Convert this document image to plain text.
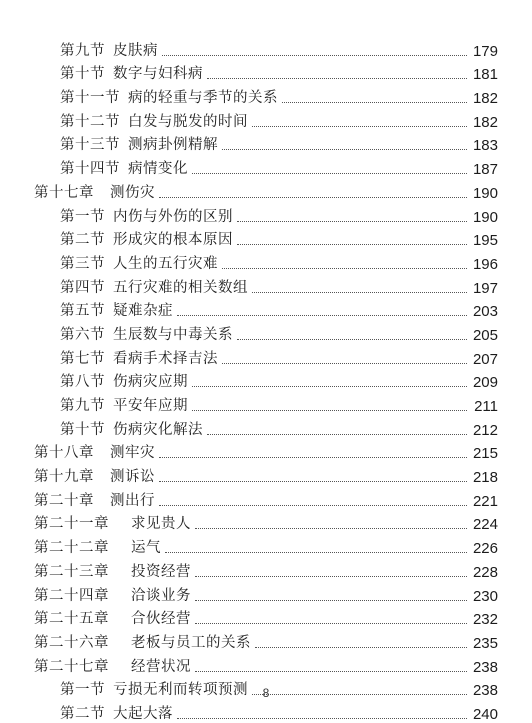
第九节 皮肤病	179
第十节 数字与妇科病	181
第十一节 病的轻重与季节的关系	182
第十二节 白发与脱发的时间	182
第十三节 测病卦例精解	183
第十四节 病情变化	187
第十七章 测伤灾	190
第一节 内伤与外伤的区别	190
第二节 形成灾的根本原因	195
第三节 人生的五行灾难	196
第四节 五行灾难的相关数组	197
第五节 疑难杂症	203
第六节 生辰数与中毒关系	205
第七节 看病手术择吉法	207
第八节 伤病灾应期	209
第九节 平安年应期	211
第十节 伤病灾化解法	212
第十八章 测牢灾	215
第十九章 测诉讼	218
第二十章 测出行	221
第二十一章 求见贵人	224
第二十二章 运气	226
第二十三章 投资经营	228
第二十四章 洽谈业务	230
第二十五章 合伙经营	232
第二十六章 老板与员工的关系	235
第二十七章 经营状况	238
第一节 亏损无利而转项预测	238
第二节 大起大落	240
8
